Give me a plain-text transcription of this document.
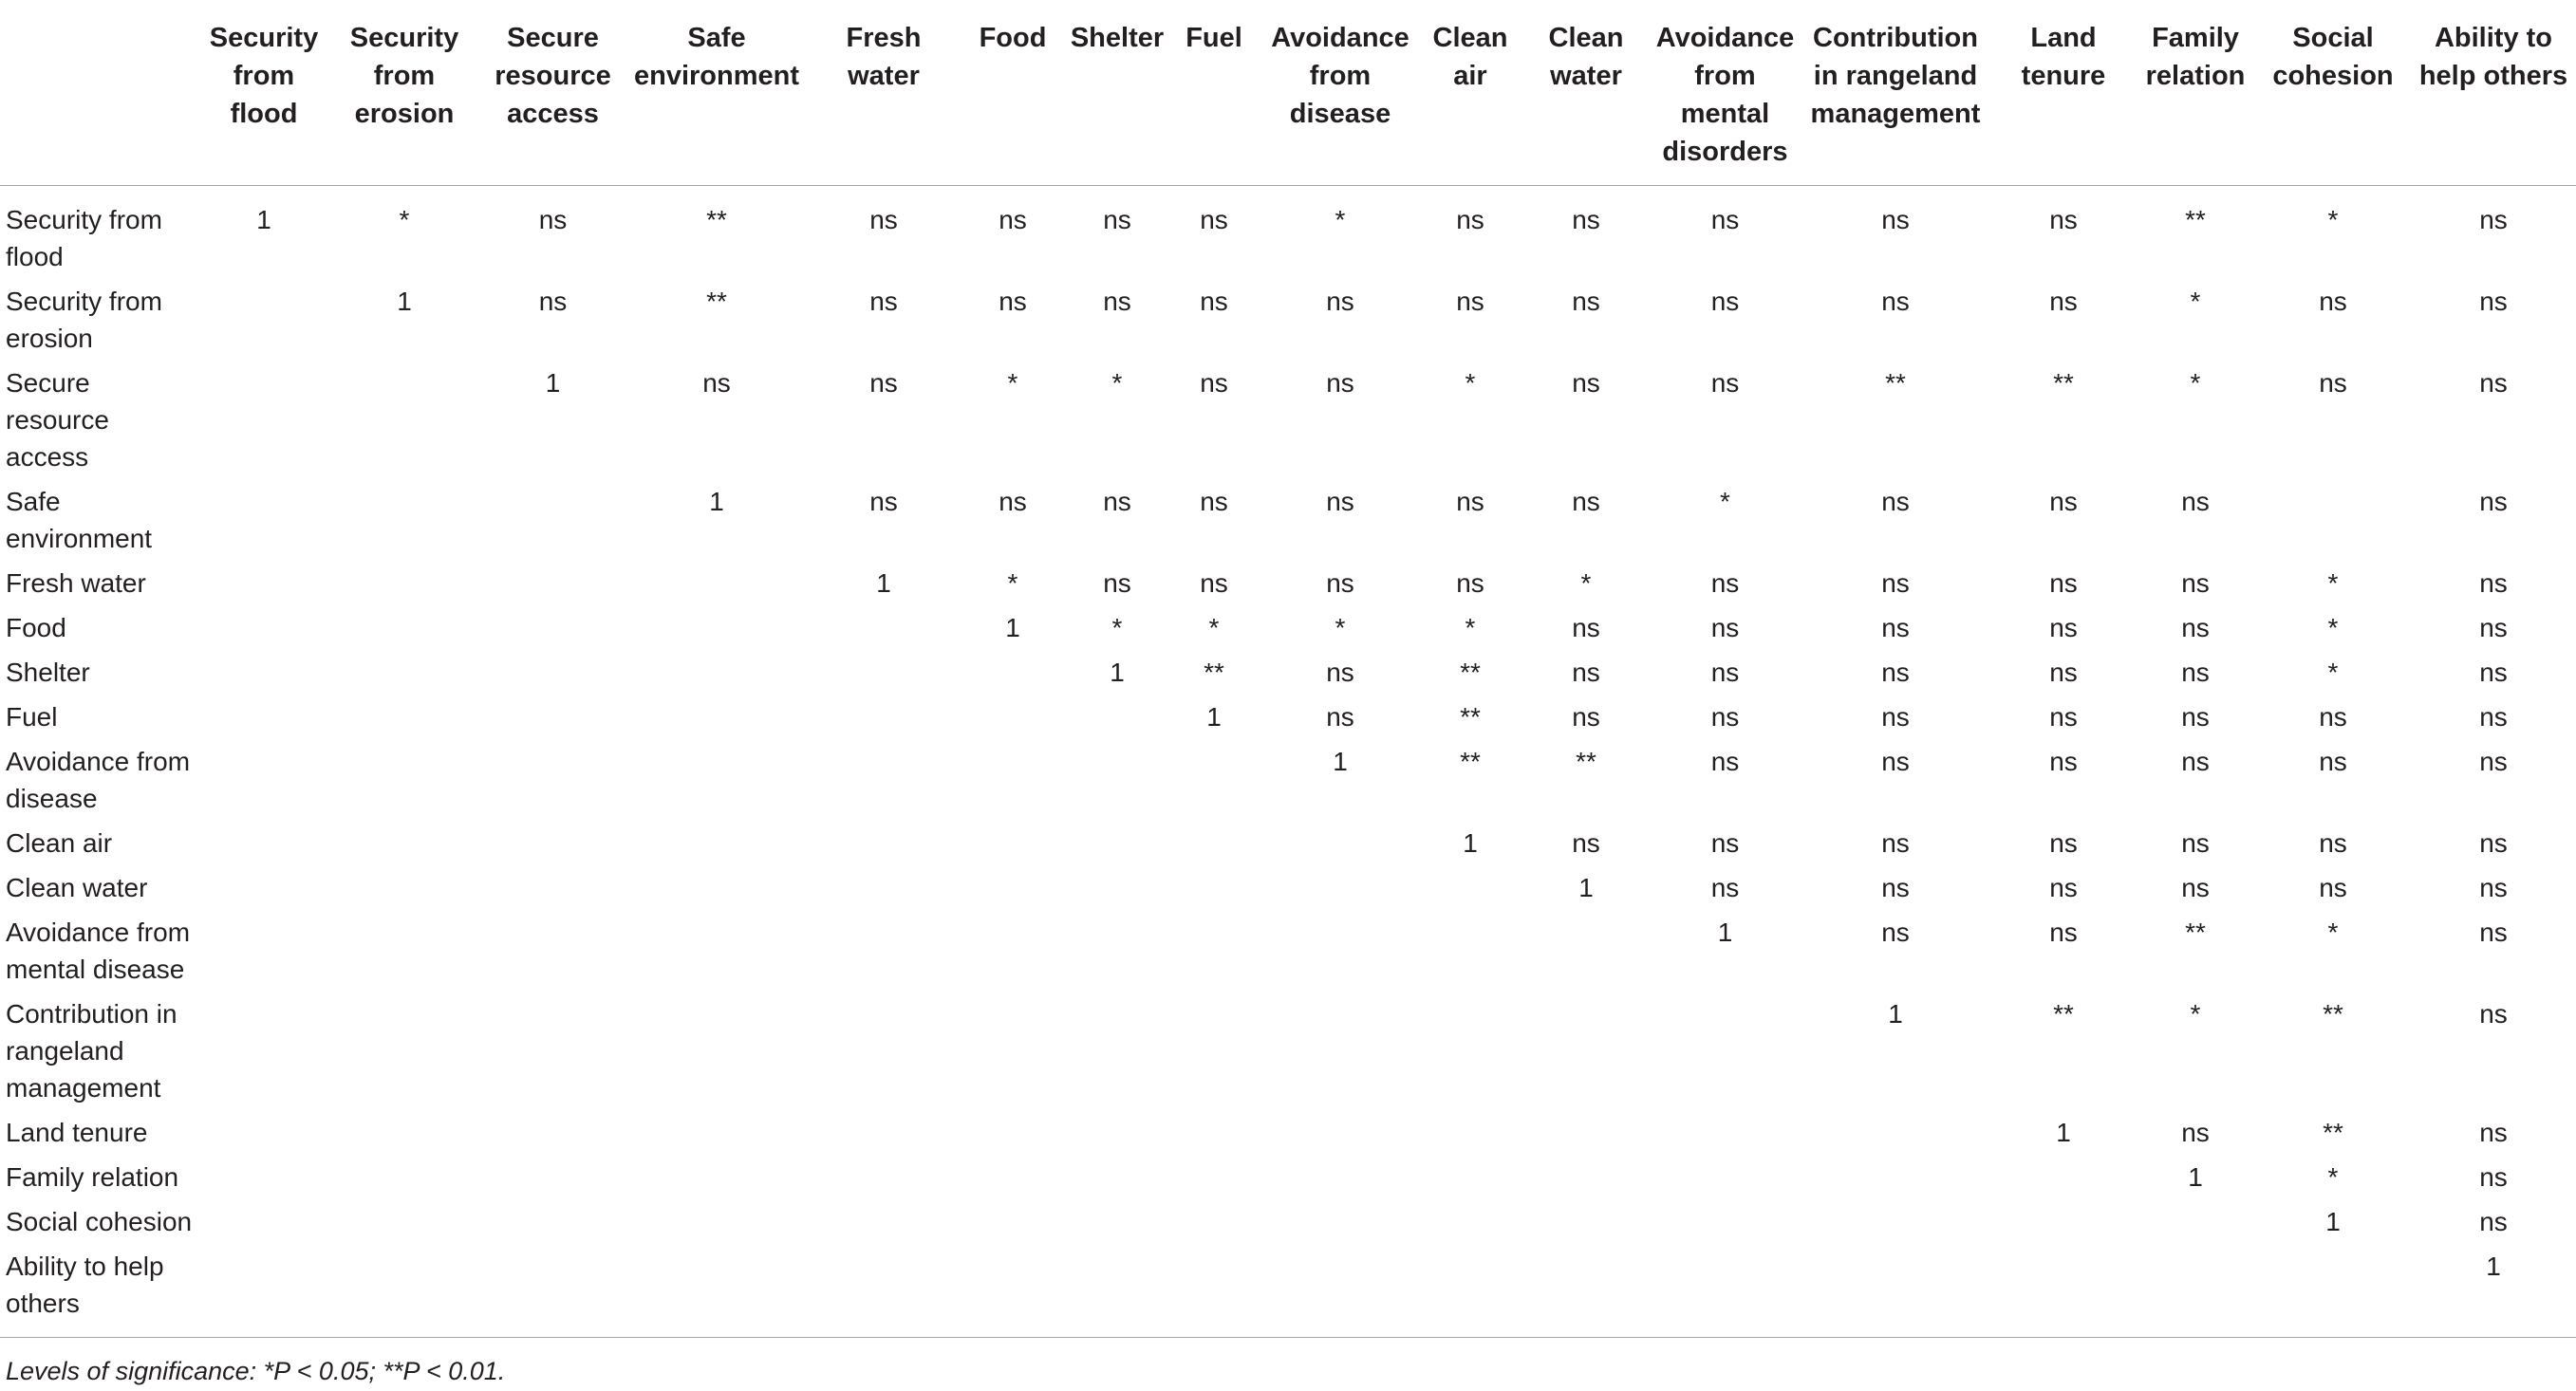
	Security from flood	Security from erosion	Secure resource access	Safe environment	Fresh water	Food	Shelter	Fuel	Avoidance from disease	Clean air	Clean water	Avoidance from mental disorders	Contribution in rangeland management	Land tenure	Family relation	Social cohesion	Ability to help others
Security from flood	1	*	ns	**	ns	ns	ns	ns	*	ns	ns	ns	ns	ns	**	*	ns
Security from erosion		1	ns	**	ns	ns	ns	ns	ns	ns	ns	ns	ns	ns	*	ns	ns
Secure resource access			1	ns	ns	*	*	ns	ns	*	ns	ns	**	**	*	ns	ns
Safe environment				1	ns	ns	ns	ns	ns	ns	ns	*	ns	ns	ns		ns
Fresh water					1	*	ns	ns	ns	ns	*	ns	ns	ns	ns	*	ns
Food						1	*	*	*	*	ns	ns	ns	ns	ns	*	ns
Shelter							1	**	ns	**	ns	ns	ns	ns	ns	*	ns
Fuel								1	ns	**	ns	ns	ns	ns	ns	ns	ns
Avoidance from disease									1	**	**	ns	ns	ns	ns	ns	ns
Clean air										1	ns	ns	ns	ns	ns	ns	ns
Clean water											1	ns	ns	ns	ns	ns	ns
Avoidance from mental disease												1	ns	ns	**	*	ns
Contribution in rangeland management													1	**	*	**	ns
Land tenure														1	ns	**	ns
Family relation															1	*	ns
Social cohesion																1	ns
Ability to help others																	1
Levels of significance: *P < 0.05; **P < 0.01.
